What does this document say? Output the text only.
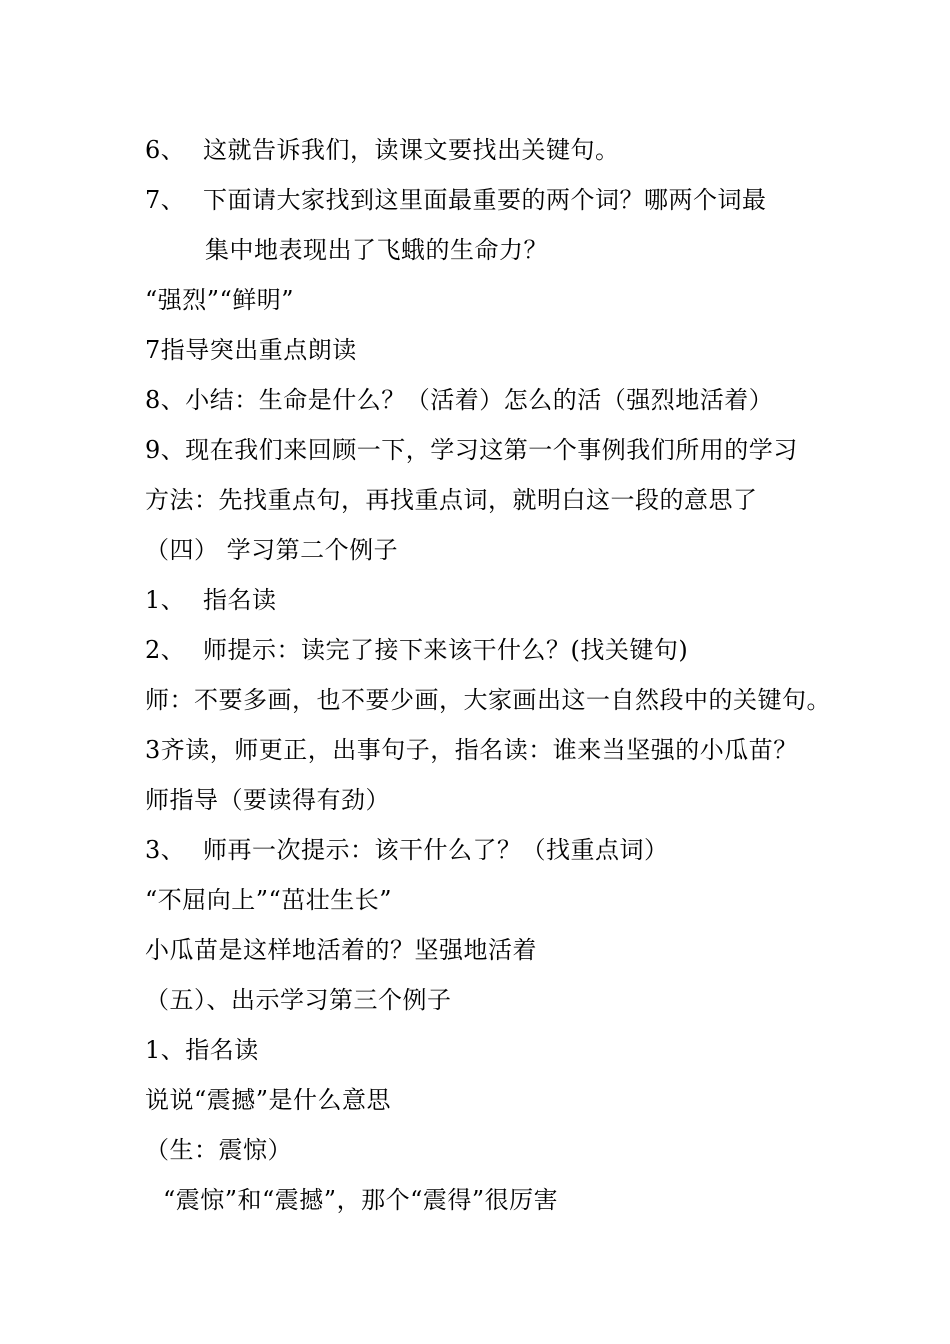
6、 这就告诉我们，读课文要找出关键句。
7、 下面请大家找到这里面最重要的两个词？哪两个词最
集中地表现出了飞蛾的生命力？
“强烈”“鲜明”
7指导突出重点朗读
8、小结：生命是什么？（活着）怎么的活（强烈地活着）
9、现在我们来回顾一下，学习这第一个事例我们所用的学习
方法：先找重点句，再找重点词，就明白这一段的意思了
（四） 学习第二个例子
1、 指名读
2、 师提示：读完了接下来该干什么？(找关键句)
师：不要多画，也不要少画，大家画出这一自然段中的关键句。
3齐读，师更正，出事句子，指名读：谁来当坚强的小瓜苗？
师指导（要读得有劲）
3、 师再一次提示：该干什么了？（找重点词）
“不屈向上”“茁壮生长”
小瓜苗是这样地活着的？坚强地活着
（五）、出示学习第三个例子
1、指名读
说说“震撼”是什么意思
（生：震惊）
“震惊”和“震撼”，那个“震得”很厉害
